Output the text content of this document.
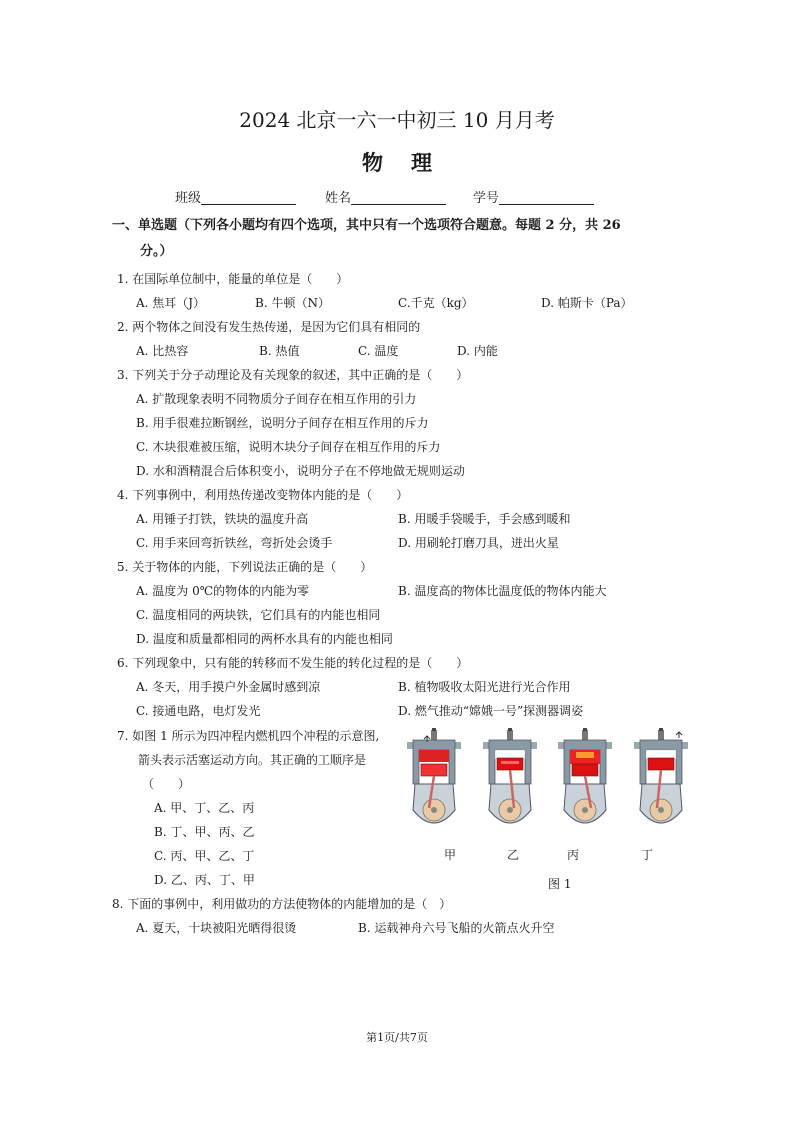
2024 北京一六一中初三 10 月月考
物理
班级	姓名	学号
一、单选题（下列各小题均有四个选项，其中只有一个选项符合题意。每题 2 分，共 26
分。）
1. 在国际单位制中，能量的单位是（　　）
A. 焦耳（J）	B. 牛顿（N）	C.千克（kg）	D. 帕斯卡（Pa）
2. 两个物体之间没有发生热传递，是因为它们具有相同的
A. 比热容	B. 热值	C. 温度	D. 内能
3. 下列关于分子动理论及有关现象的叙述，其中正确的是（　　）
A. 扩散现象表明不同物质分子间存在相互作用的引力
B. 用手很难拉断钢丝，说明分子间存在相互作用的斥力
C. 木块很难被压缩，说明木块分子间存在相互作用的斥力
D. 水和酒精混合后体积变小，说明分子在不停地做无规则运动
4. 下列事例中，利用热传递改变物体内能的是（　　）
A. 用锤子打铁，铁块的温度升高	B. 用暖手袋暖手，手会感到暖和
C. 用手来回弯折铁丝，弯折处会烫手	D. 用刷轮打磨刀具，迸出火星
5. 关于物体的内能，下列说法正确的是（　　）
A. 温度为 0℃的物体的内能为零	B. 温度高的物体比温度低的物体内能大
C. 温度相同的两块铁，它们具有的内能也相同
D. 温度和质量都相同的两杯水具有的内能也相同
6. 下列现象中，只有能的转移而不发生能的转化过程的是（　　）
A. 冬天，用手摸户外金属时感到凉	B. 植物吸收太阳光进行光合作用
C. 接通电路，电灯发光	D. 燃气推动“嫦娥一号”探测器调姿
7. 如图 1 所示为四冲程内燃机四个冲程的示意图,
箭头表示活塞运动方向。其正确的工顺序是
（　　）
A. 甲、丁、乙、丙
B. 丁、甲、丙、乙
C. 丙、甲、乙、丁
D. 乙、丙、丁、甲
甲	乙	丙	丁
图 1
8. 下面的事例中，利用做功的方法使物体的内能增加的是（　）
A. 夏天，十块被阳光晒得很烫	B. 运载神舟六号飞船的火箭点火升空
第1页/共7页
